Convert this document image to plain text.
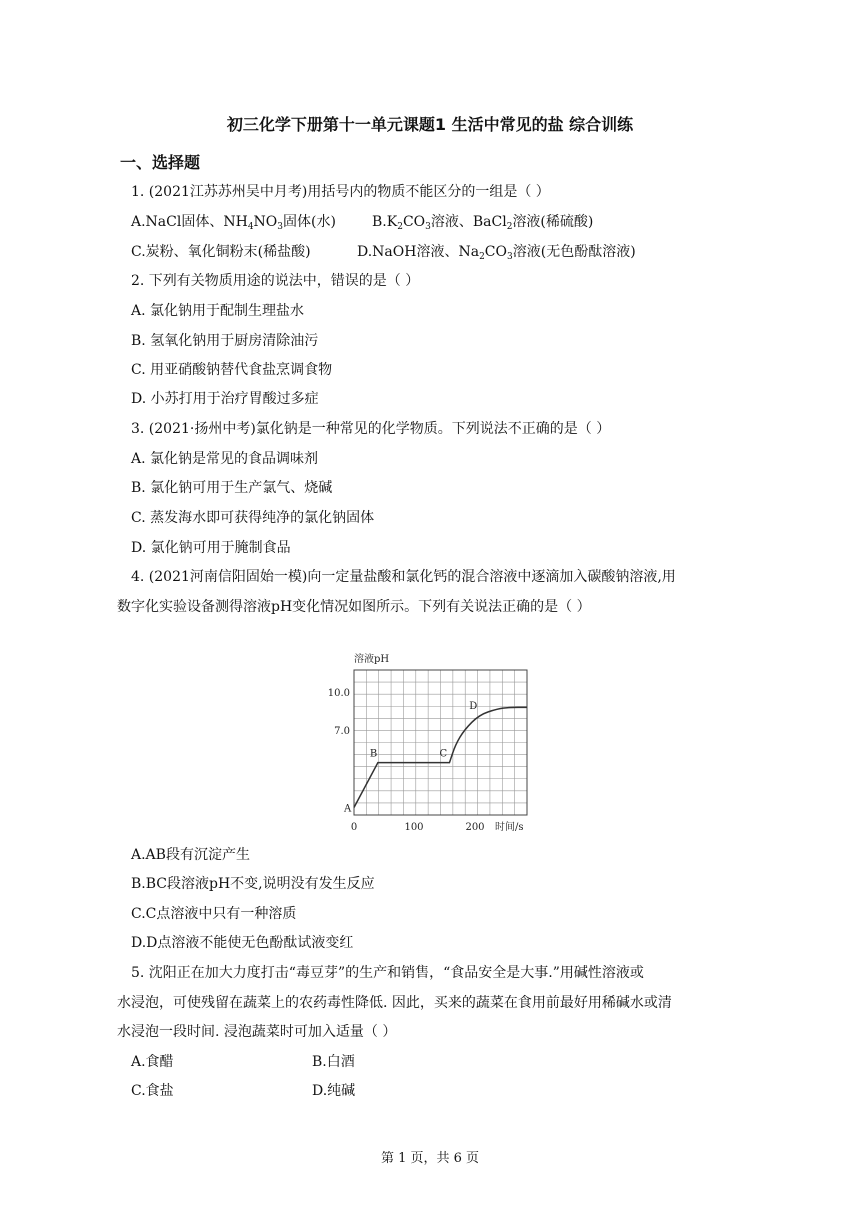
初三化学下册第十一单元课题1 生活中常见的盐 综合训练
一、选择题
1. (2021江苏苏州吴中月考)用括号内的物质不能区分的一组是（ ）
A.NaCl固体、$NH_4NO_3$固体(水)	$B.K_2CO_3$溶液、BaCl$_2$溶液(稀硫酸)
C.炭粉、氧化铜粉末(稀盐酸)	D.NaOH溶液、$Na_2CO_3$溶液(无色酚酞溶液)
2. 下列有关物质用途的说法中，错误的是（ ）
A. 氯化钠用于配制生理盐水
B. 氢氧化钠用于厨房清除油污
C. 用亚硝酸钠替代食盐烹调食物
D. 小苏打用于治疗胃酸过多症
3. (2021·扬州中考)氯化钠是一种常见的化学物质。下列说法不正确的是（ ）
A. 氯化钠是常见的食品调味剂
B. 氯化钠可用于生产氯气、烧碱
C. 蒸发海水即可获得纯净的氯化钠固体
D. 氯化钠可用于腌制食品
4. (2021河南信阳固始一模)向一定量盐酸和氯化钙的混合溶液中逐滴加入碳酸钠溶液,用
数字化实验设备测得溶液pH变化情况如图所示。下列有关说法正确的是（ ）
溶液pH
7.0
10.0
0	100	200 时间/s
A
B	C
D
A.AB段有沉淀产生
B.BC段溶液pH不变,说明没有发生反应
C.C点溶液中只有一种溶质
D.D点溶液不能使无色酚酞试液变红
5. 沈阳正在加大力度打击“毒豆芽”的生产和销售，“食品安全是大事.”用碱性溶液或
水浸泡，可使残留在蔬菜上的农药毒性降低. 因此，买来的蔬菜在食用前最好用稀碱水或清
水浸泡一段时间. 浸泡蔬菜时可加入适量（ ）
A.食醋	B.白酒
C.食盐	D.纯碱
第 1 页，共 6 页
